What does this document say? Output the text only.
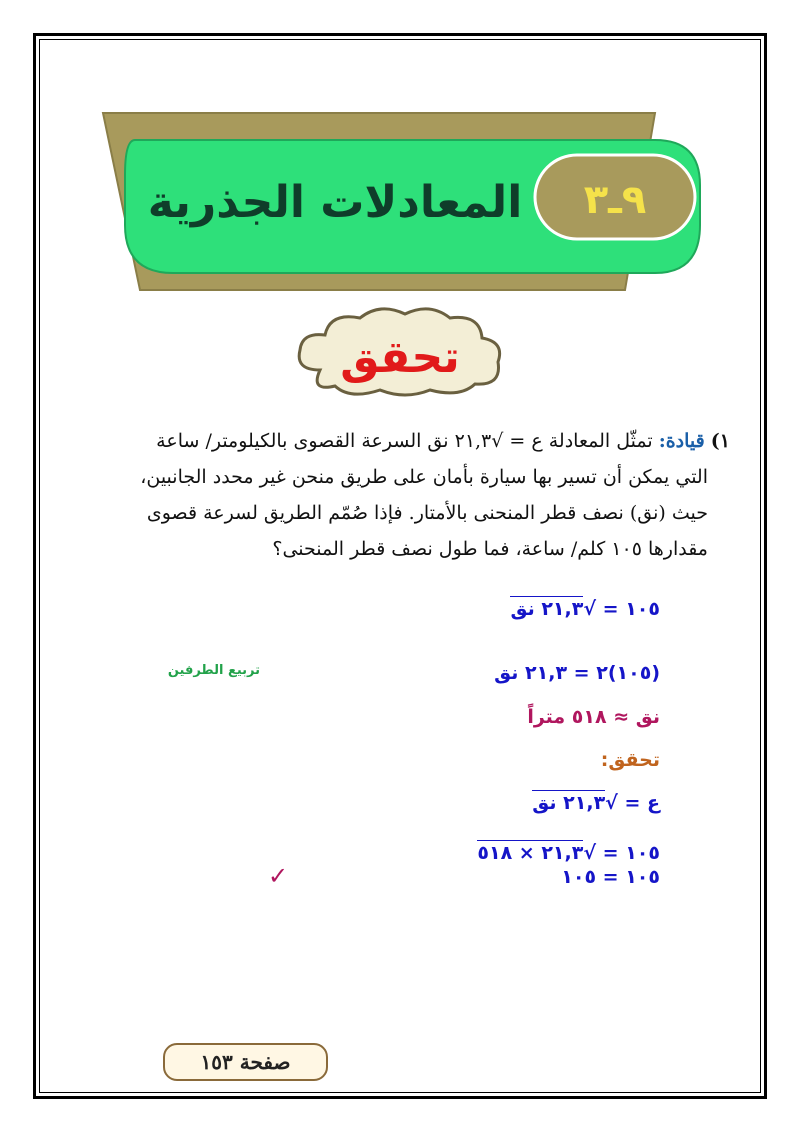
٩ـ٣
المعادلات الجذرية
تحقق
١) قيادة: تمثّل المعادلة ع = √٢١,٣ نق السرعة القصوى بالكيلومتر/ ساعة
التي يمكن أن تسير بها سيارة بأمان على طريق منحن غير محدد الجانبين،
حيث (نق) نصف قطر المنحنى بالأمتار. فإذا صُمّم الطريق لسرعة قصوى
مقدارها ١٠٥ كلم/ ساعة، فما طول نصف قطر المنحنى؟
١٠٥ = √٢١,٣ نق
(١٠٥)٢ = ٢١,٣ نق
تربيع الطرفين
نق ≈ ٥١٨ متراً
تحقق:
ع = √٢١,٣ نق
١٠٥ = √٢١,٣ × ٥١٨
١٠٥ = ١٠٥
✓
صفحة ١٥٣
